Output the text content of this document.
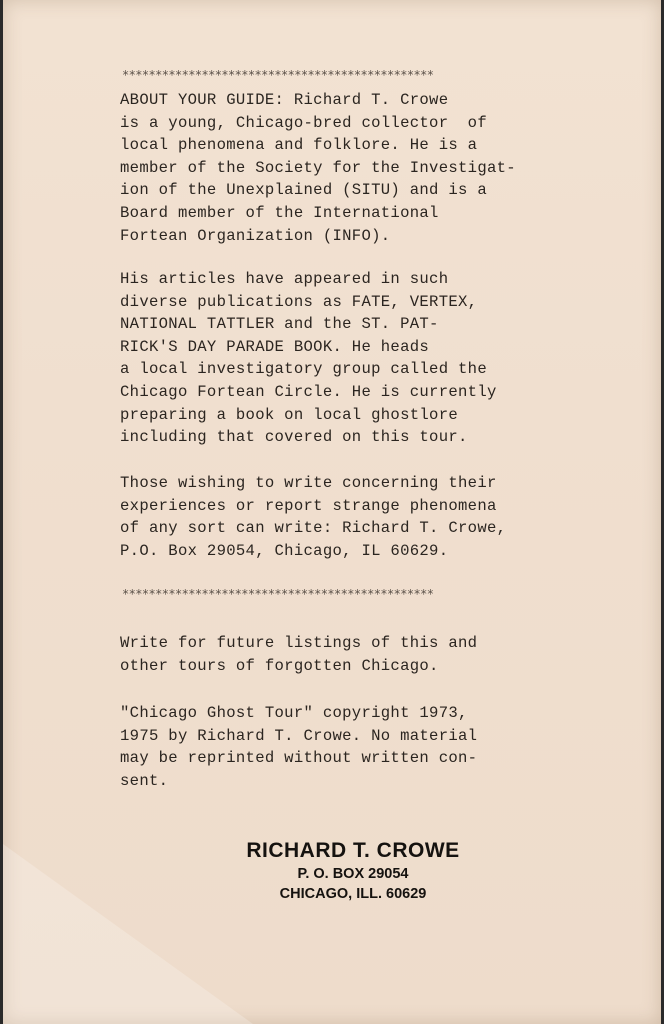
***********************************************
ABOUT YOUR GUIDE: Richard T. Crowe
is a young, Chicago-bred collector  of
local phenomena and folklore. He is a
member of the Society for the Investigat-
ion of the Unexplained (SITU) and is a
Board member of the International
Fortean Organization (INFO).
His articles have appeared in such
diverse publications as FATE, VERTEX,
NATIONAL TATTLER and the ST. PAT-
RICK'S DAY PARADE BOOK. He heads
a local investigatory group called the
Chicago Fortean Circle. He is currently
preparing a book on local ghostlore
including that covered on this tour.
Those wishing to write concerning their
experiences or report strange phenomena
of any sort can write: Richard T. Crowe,
P.O. Box 29054, Chicago, IL 60629.
***********************************************
Write for future listings of this and
other tours of forgotten Chicago.
"Chicago Ghost Tour" copyright 1973,
1975 by Richard T. Crowe. No material
may be reprinted without written con-
sent.
RICHARD T. CROWE
P. O. BOX 29054
CHICAGO, ILL. 60629
